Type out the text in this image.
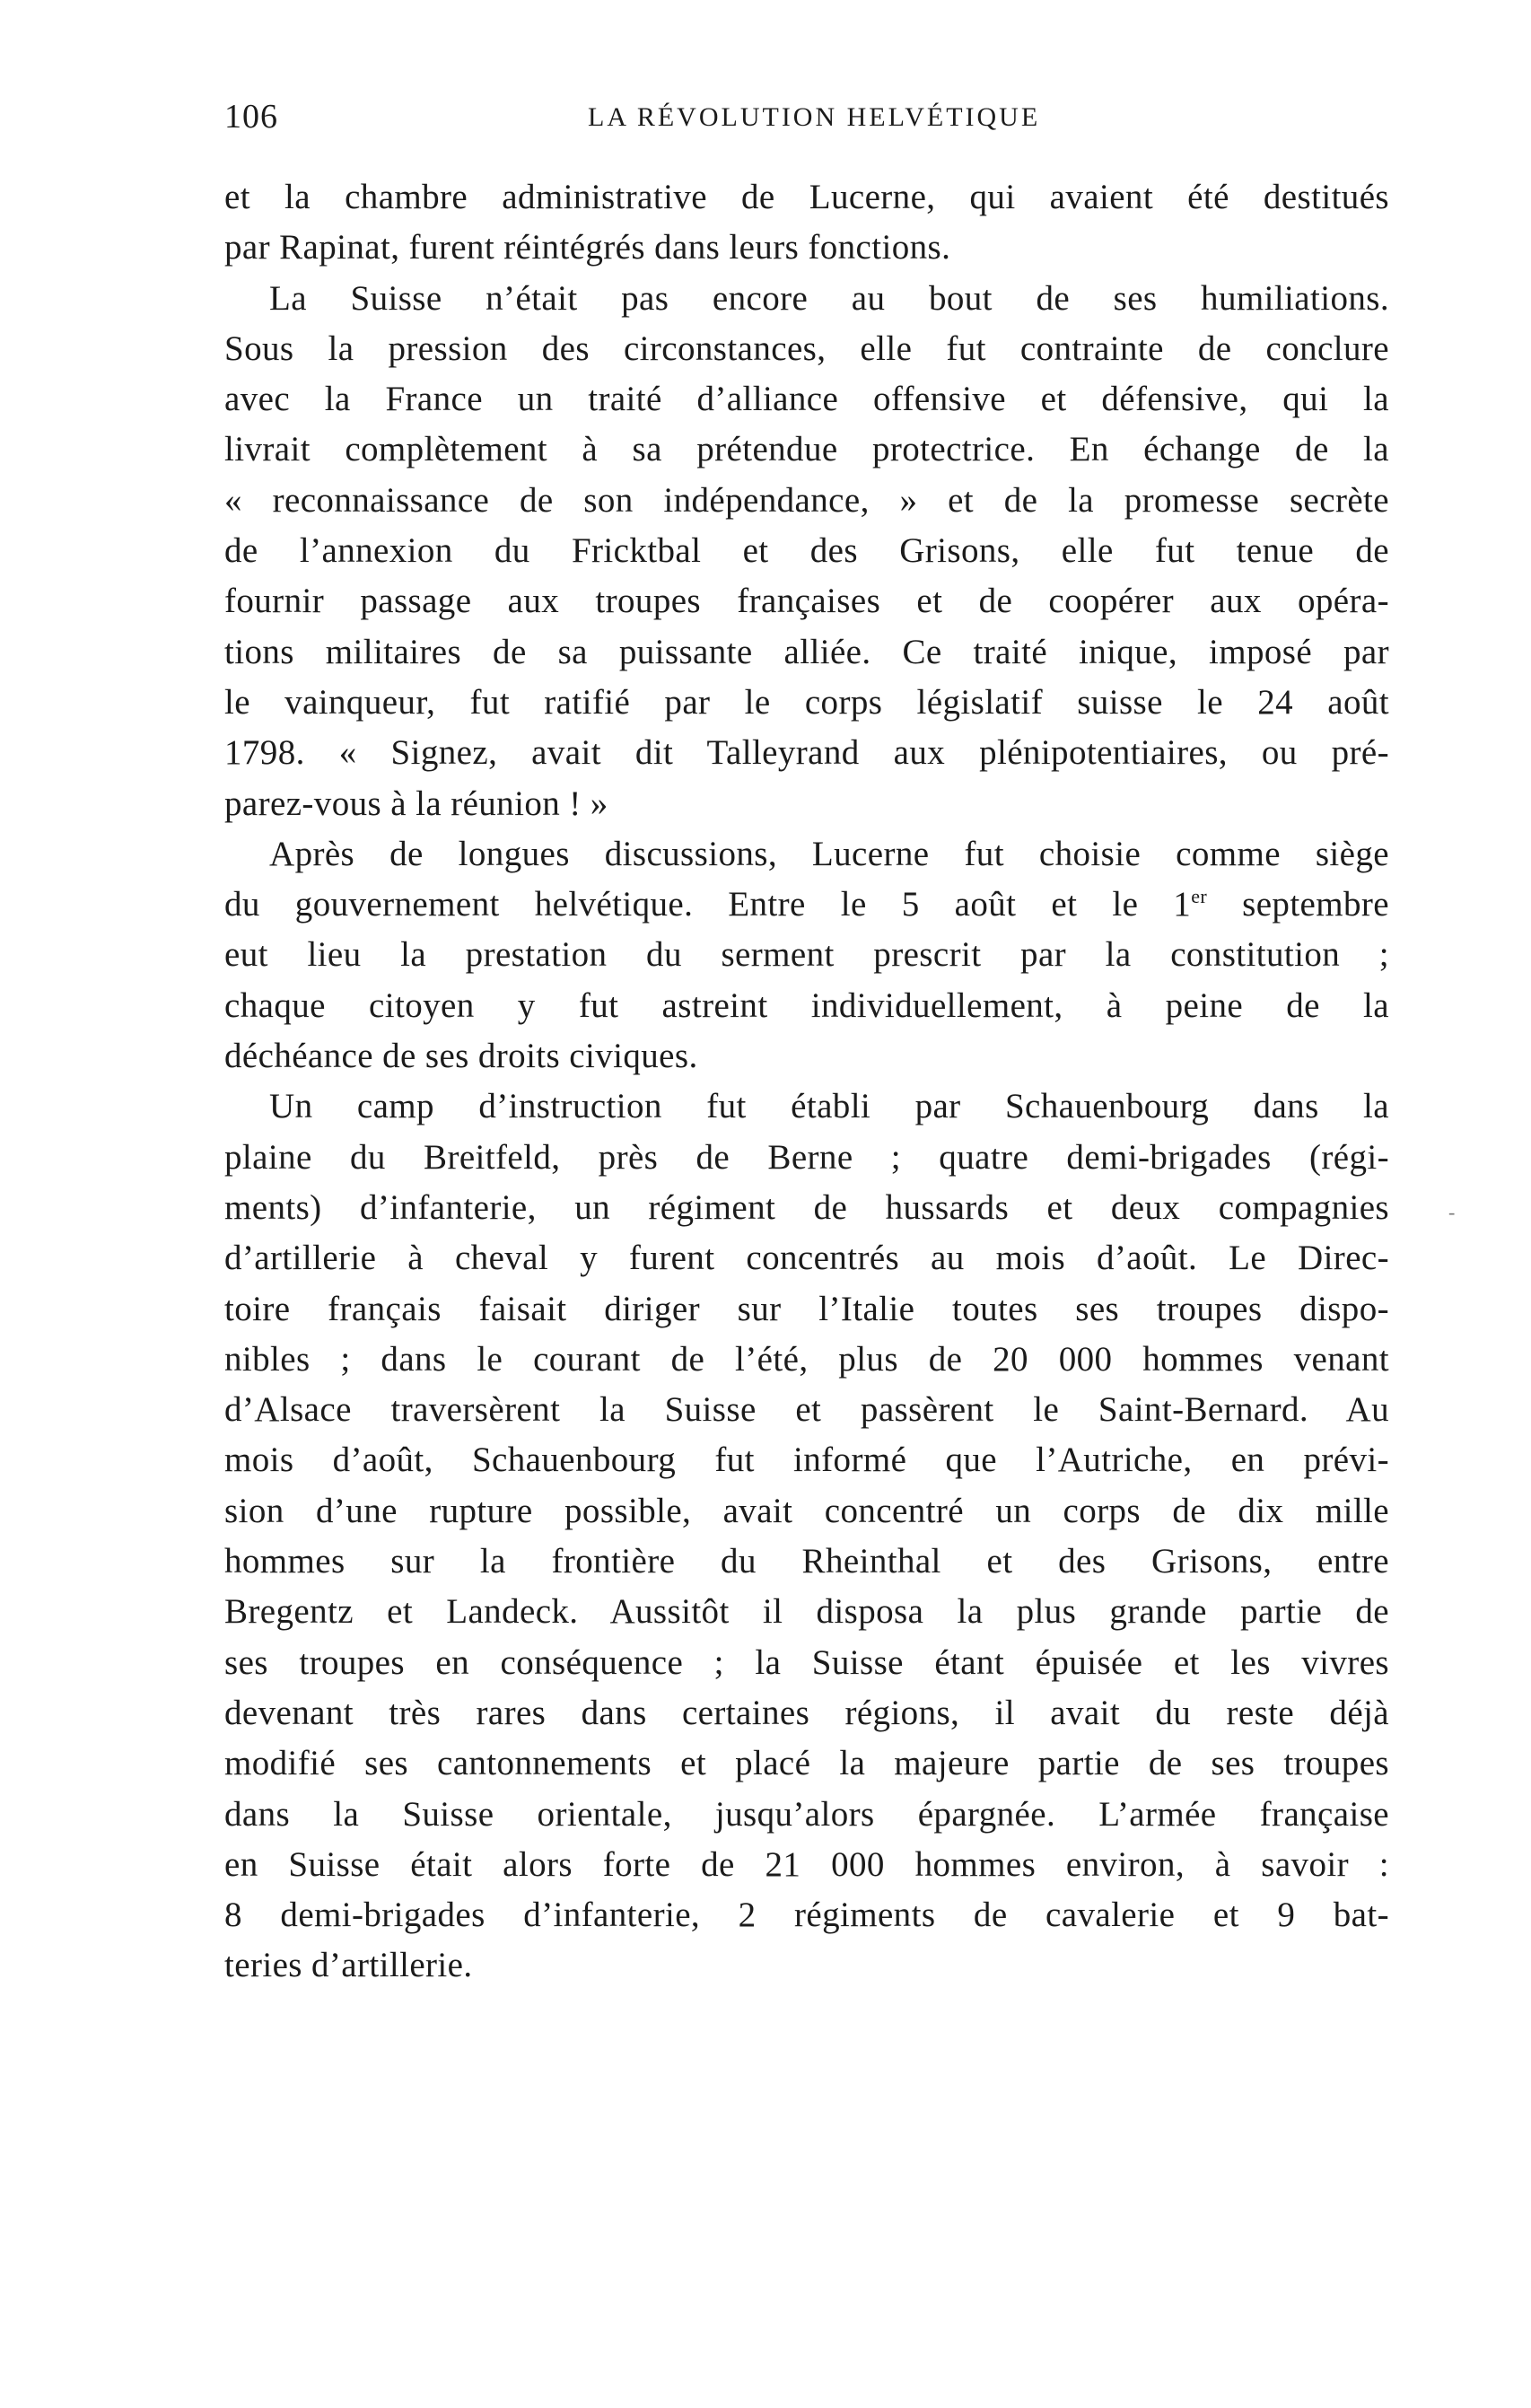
106	LA RÉVOLUTION HELVÉTIQUE
et la chambre administrative de Lucerne, qui avaient été destitués
par Rapinat, furent réintégrés dans leurs fonctions.
La Suisse n’était pas encore au bout de ses humiliations.
Sous la pression des circonstances, elle fut contrainte de conclure
avec la France un traité d’alliance offensive et défensive, qui la
livrait complètement à sa prétendue protectrice. En échange de la
« reconnaissance de son indépendance, » et de la promesse secrète
de l’annexion du Fricktbal et des Grisons, elle fut tenue de
fournir passage aux troupes françaises et de coopérer aux opéra-
tions militaires de sa puissante alliée. Ce traité inique, imposé par
le vainqueur, fut ratifié par le corps législatif suisse le 24 août
1798. « Signez, avait dit Talleyrand aux plénipotentiaires, ou pré-
parez-vous à la réunion ! »
Après de longues discussions, Lucerne fut choisie comme siège
du gouvernement helvétique. Entre le 5 août et le 1er septembre
eut lieu la prestation du serment prescrit par la constitution ;
chaque citoyen y fut astreint individuellement, à peine de la
déchéance de ses droits civiques.
Un camp d’instruction fut établi par Schauenbourg dans la
plaine du Breitfeld, près de Berne ; quatre demi-brigades (régi-
ments) d’infanterie, un régiment de hussards et deux compagnies
d’artillerie à cheval y furent concentrés au mois d’août. Le Direc-
toire français faisait diriger sur l’Italie toutes ses troupes dispo-
nibles ; dans le courant de l’été, plus de 20 000 hommes venant
d’Alsace traversèrent la Suisse et passèrent le Saint-Bernard. Au
mois d’août, Schauenbourg fut informé que l’Autriche, en prévi-
sion d’une rupture possible, avait concentré un corps de dix mille
hommes sur la frontière du Rheinthal et des Grisons, entre
Bregentz et Landeck. Aussitôt il disposa la plus grande partie de
ses troupes en conséquence ; la Suisse étant épuisée et les vivres
devenant très rares dans certaines régions, il avait du reste déjà
modifié ses cantonnements et placé la majeure partie de ses troupes
dans la Suisse orientale, jusqu’alors épargnée. L’armée française
en Suisse était alors forte de 21 000 hommes environ, à savoir :
8 demi-brigades d’infanterie, 2 régiments de cavalerie et 9 bat-
teries d’artillerie.
-
